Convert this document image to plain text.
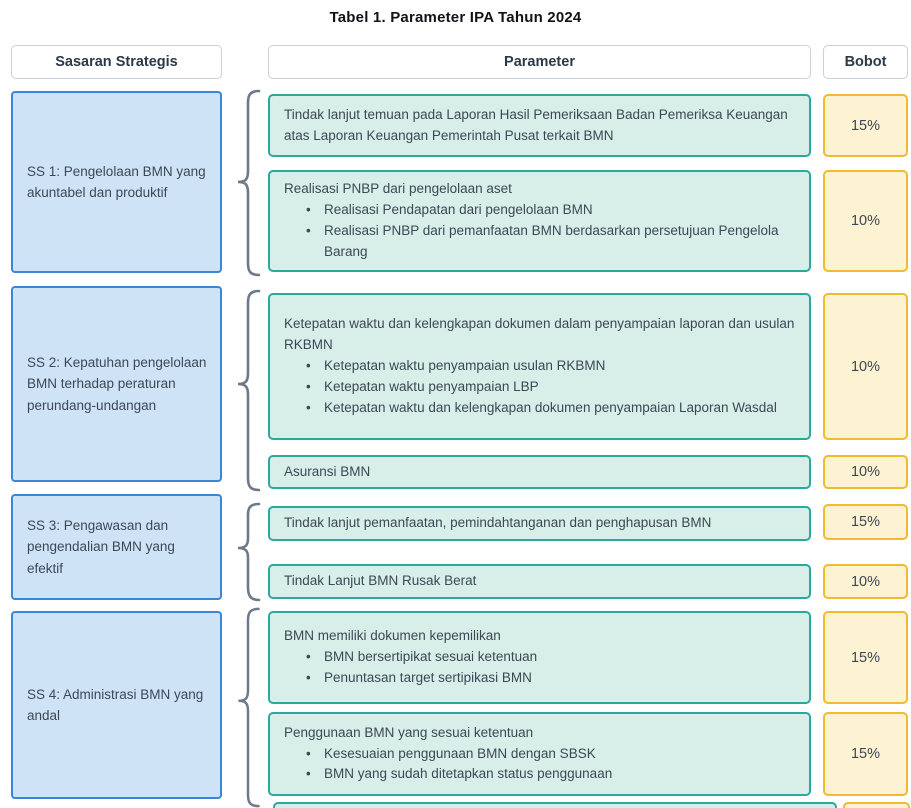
Tabel 1. Parameter IPA Tahun 2024
Sasaran Strategis	Parameter	Bobot
SS 1: Pengelolaan BMN yang akuntabel dan produktif
SS 2: Kepatuhan pengelolaan BMN terhadap peraturan perundang-undangan
SS 3: Pengawasan dan pengendalian BMN yang efektif
SS 4: Administrasi BMN yang andal
Tindak lanjut temuan pada Laporan Hasil Pemeriksaan Badan Pemeriksa Keuangan atas Laporan Keuangan Pemerintah Pusat terkait BMN
Realisasi PNBP dari pengelolaan aset
•
Realisasi Pendapatan dari pengelolaan BMN
•
Realisasi PNBP dari pemanfaatan BMN berdasarkan persetujuan Pengelola Barang
Ketepatan waktu dan kelengkapan dokumen dalam penyampaian laporan dan usulan RKBMN
•
Ketepatan waktu penyampaian usulan RKBMN
•
Ketepatan waktu penyampaian LBP
•
Ketepatan waktu dan kelengkapan dokumen penyampaian Laporan Wasdal
Asuransi BMN
Tindak lanjut pemanfaatan, pemindahtanganan dan penghapusan BMN
Tindak Lanjut BMN Rusak Berat
BMN memiliki dokumen kepemilikan
•
BMN bersertipikat sesuai ketentuan
•
Penuntasan target sertipikasi BMN
Penggunaan BMN yang sesuai ketentuan
•
Kesesuaian penggunaan BMN dengan SBSK
•
BMN yang sudah ditetapkan status penggunaan
15%
10%
10%
10%
15%
10%
15%
15%
